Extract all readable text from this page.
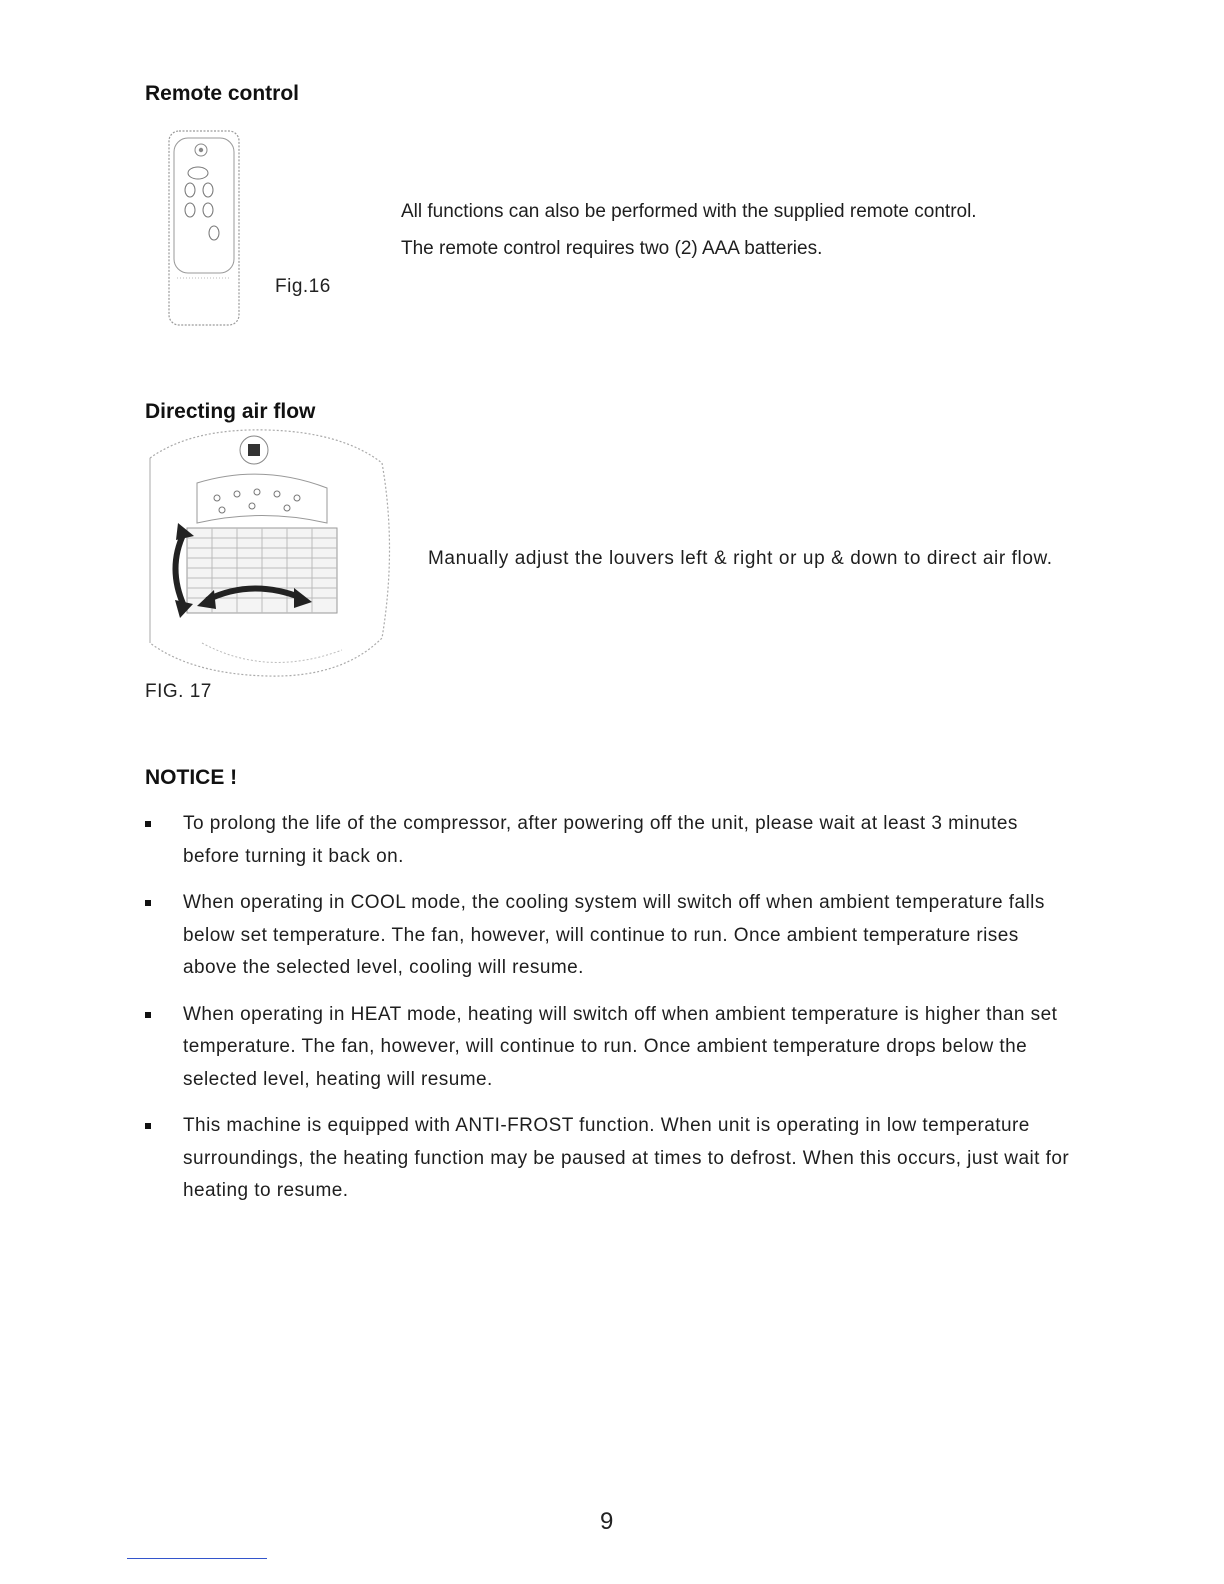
Remote control
Fig.16
All functions can also be performed with the supplied remote control.
The remote control requires two (2) AAA batteries.
Directing air flow
FIG. 17
Manually adjust the louvers left & right or up & down to direct air flow.
NOTICE !
To prolong the life of the compressor, after powering off the unit, please wait at least 3 minutes before turning it back on.
When operating in COOL mode, the cooling system will switch off when ambient temperature falls below set temperature. The fan, however, will continue to run. Once ambient temperature rises above the selected level, cooling will resume.
When operating in HEAT mode, heating will switch off when ambient temperature is higher than set temperature. The fan, however, will continue to run. Once ambient temperature drops below the selected level, heating will resume.
This machine is equipped with ANTI-FROST function. When unit is operating in low temperature surroundings, the heating function may be paused at times to defrost. When this occurs, just wait for heating to resume.
9
